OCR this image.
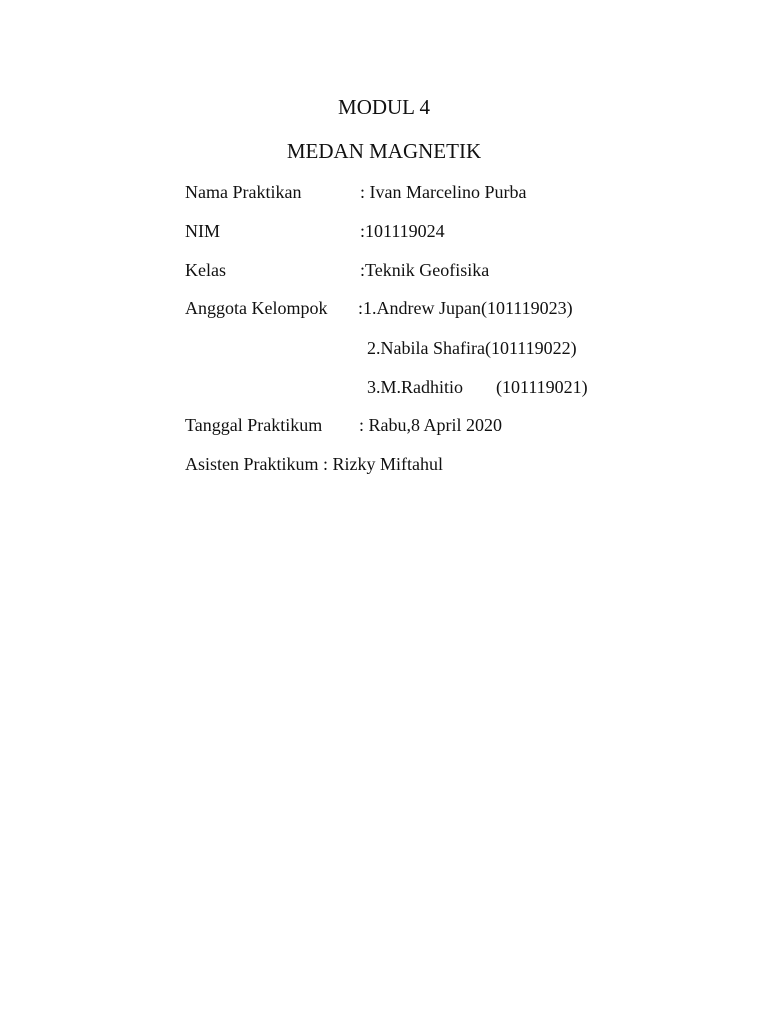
MODUL 4
MEDAN MAGNETIK
Nama Praktikan	: Ivan Marcelino Purba
NIM	:101119024
Kelas	:Teknik Geofisika
Anggota Kelompok :1.Andrew Jupan(101119023)
2.Nabila Shafira(101119022)
3.M.Radhitio (101119021)
Tanggal Praktikum : Rabu,8 April 2020
Asisten Praktikum : Rizky Miftahul
